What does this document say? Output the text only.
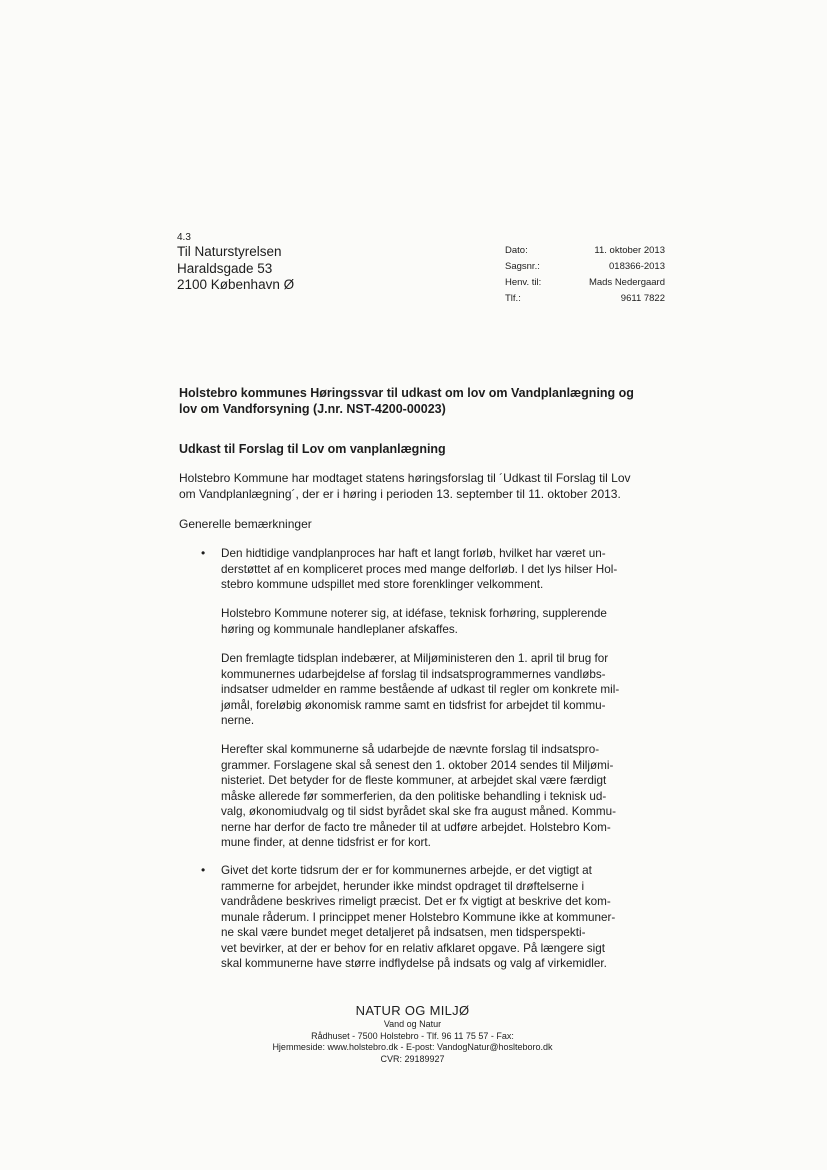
4.3
Til Naturstyrelsen
Haraldsgade 53
2100 København Ø
Dato:	11. oktober 2013
Sagsnr.:	018366-2013
Henv. til:	Mads Nedergaard
Tlf.:	9611 7822
Holstebro kommunes Høringssvar til udkast om lov om Vandplanlægning og
lov om Vandforsyning (J.nr. NST-4200-00023)
Udkast til Forslag til Lov om vanplanlægning
Holstebro Kommune har modtaget statens høringsforslag til ´Udkast til Forslag til Lov
om Vandplanlægning´, der er i høring i perioden 13. september til 11. oktober 2013.
Generelle bemærkninger
• Den hidtidige vandplanproces har haft et langt forløb, hvilket har været un-
derstøttet af en kompliceret proces med mange delforløb. I det lys hilser Hol-
stebro kommune udspillet med store forenklinger velkomment.
Holstebro Kommune noterer sig, at idéfase, teknisk forhøring, supplerende
høring og kommunale handleplaner afskaffes.
Den fremlagte tidsplan indebærer, at Miljøministeren den 1. april til brug for
kommunernes udarbejdelse af forslag til indsatsprogrammernes vandløbs-
indsatser udmelder en ramme bestående af udkast til regler om konkrete mil-
jømål, foreløbig økonomisk ramme samt en tidsfrist for arbejdet til kommu-
nerne.
Herefter skal kommunerne så udarbejde de nævnte forslag til indsatspro-
grammer. Forslagene skal så senest den 1. oktober 2014 sendes til Miljømi-
nisteriet. Det betyder for de fleste kommuner, at arbejdet skal være færdigt
måske allerede før sommerferien, da den politiske behandling i teknisk ud-
valg, økonomiudvalg og til sidst byrådet skal ske fra august måned. Kommu-
nerne har derfor de facto tre måneder til at udføre arbejdet. Holstebro Kom-
mune finder, at denne tidsfrist er for kort.
• Givet det korte tidsrum der er for kommunernes arbejde, er det vigtigt at
rammerne for arbejdet, herunder ikke mindst opdraget til drøftelserne i
vandrådene beskrives rimeligt præcist. Det er fx vigtigt at beskrive det kom-
munale råderum. I princippet mener Holstebro Kommune ikke at kommuner-
ne skal være bundet meget detaljeret på indsatsen, men tidsperspekti-
vet bevirker, at der er behov for en relativ afklaret opgave. På længere sigt
skal kommunerne have større indflydelse på indsats og valg af virkemidler.
NATUR OG MILJØ
Vand og Natur
Rådhuset - 7500 Holstebro - Tlf. 96 11 75 57 - Fax:
Hjemmeside: www.holstebro.dk - E-post: VandogNatur@hoslteboro.dk
CVR: 29189927
